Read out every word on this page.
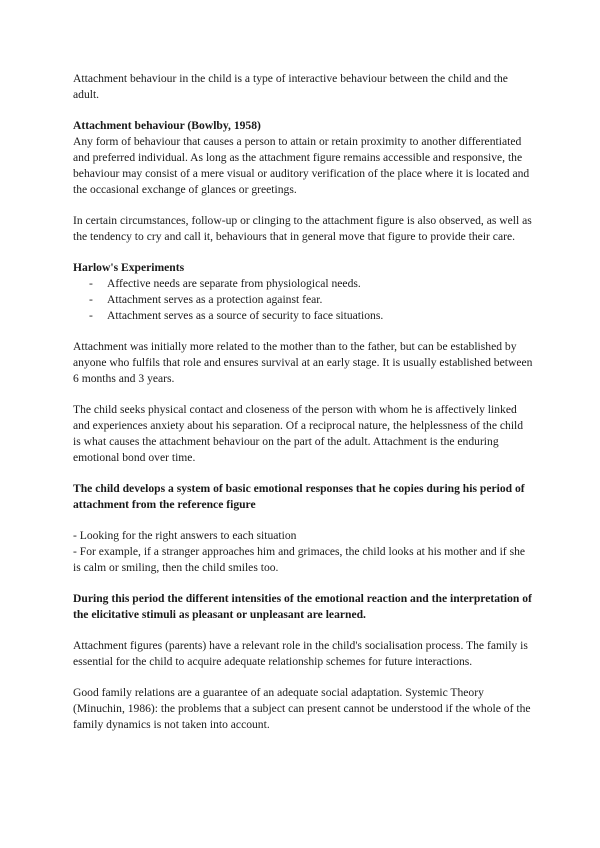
Attachment behaviour in the child is a type of interactive behaviour between the child and the adult.

Attachment behaviour (Bowlby, 1958)

Any form of behaviour that causes a person to attain or retain proximity to another differentiated and preferred individual. As long as the attachment figure remains accessible and responsive, the behaviour may consist of a mere visual or auditory verification of the place where it is located and the occasional exchange of glances or greetings.

In certain circumstances, follow-up or clinging to the attachment figure is also observed, as well as the tendency to cry and call it, behaviours that in general move that figure to provide their care.

Harlow's Experiments

- Affective needs are separate from physiological needs.
- Attachment serves as a protection against fear.
- Attachment serves as a source of security to face situations.

Attachment was initially more related to the mother than to the father, but can be established by anyone who fulfils that role and ensures survival at an early stage. It is usually established between 6 months and 3 years.

The child seeks physical contact and closeness of the person with whom he is affectively linked and experiences anxiety about his separation. Of a reciprocal nature, the helplessness of the child is what causes the attachment behaviour on the part of the adult. Attachment is the enduring emotional bond over time.

The child develops a system of basic emotional responses that he copies during his period of attachment from the reference figure

- Looking for the right answers to each situation
- For example, if a stranger approaches him and grimaces, the child looks at his mother and if she is calm or smiling, then the child smiles too.

During this period the different intensities of the emotional reaction and the interpretation of the elicitative stimuli as pleasant or unpleasant are learned.

Attachment figures (parents) have a relevant role in the child's socialisation process. The family is essential for the child to acquire adequate relationship schemes for future interactions.

Good family relations are a guarantee of an adequate social adaptation. Systemic Theory (Minuchin, 1986): the problems that a subject can present cannot be understood if the whole of the family dynamics is not taken into account.
